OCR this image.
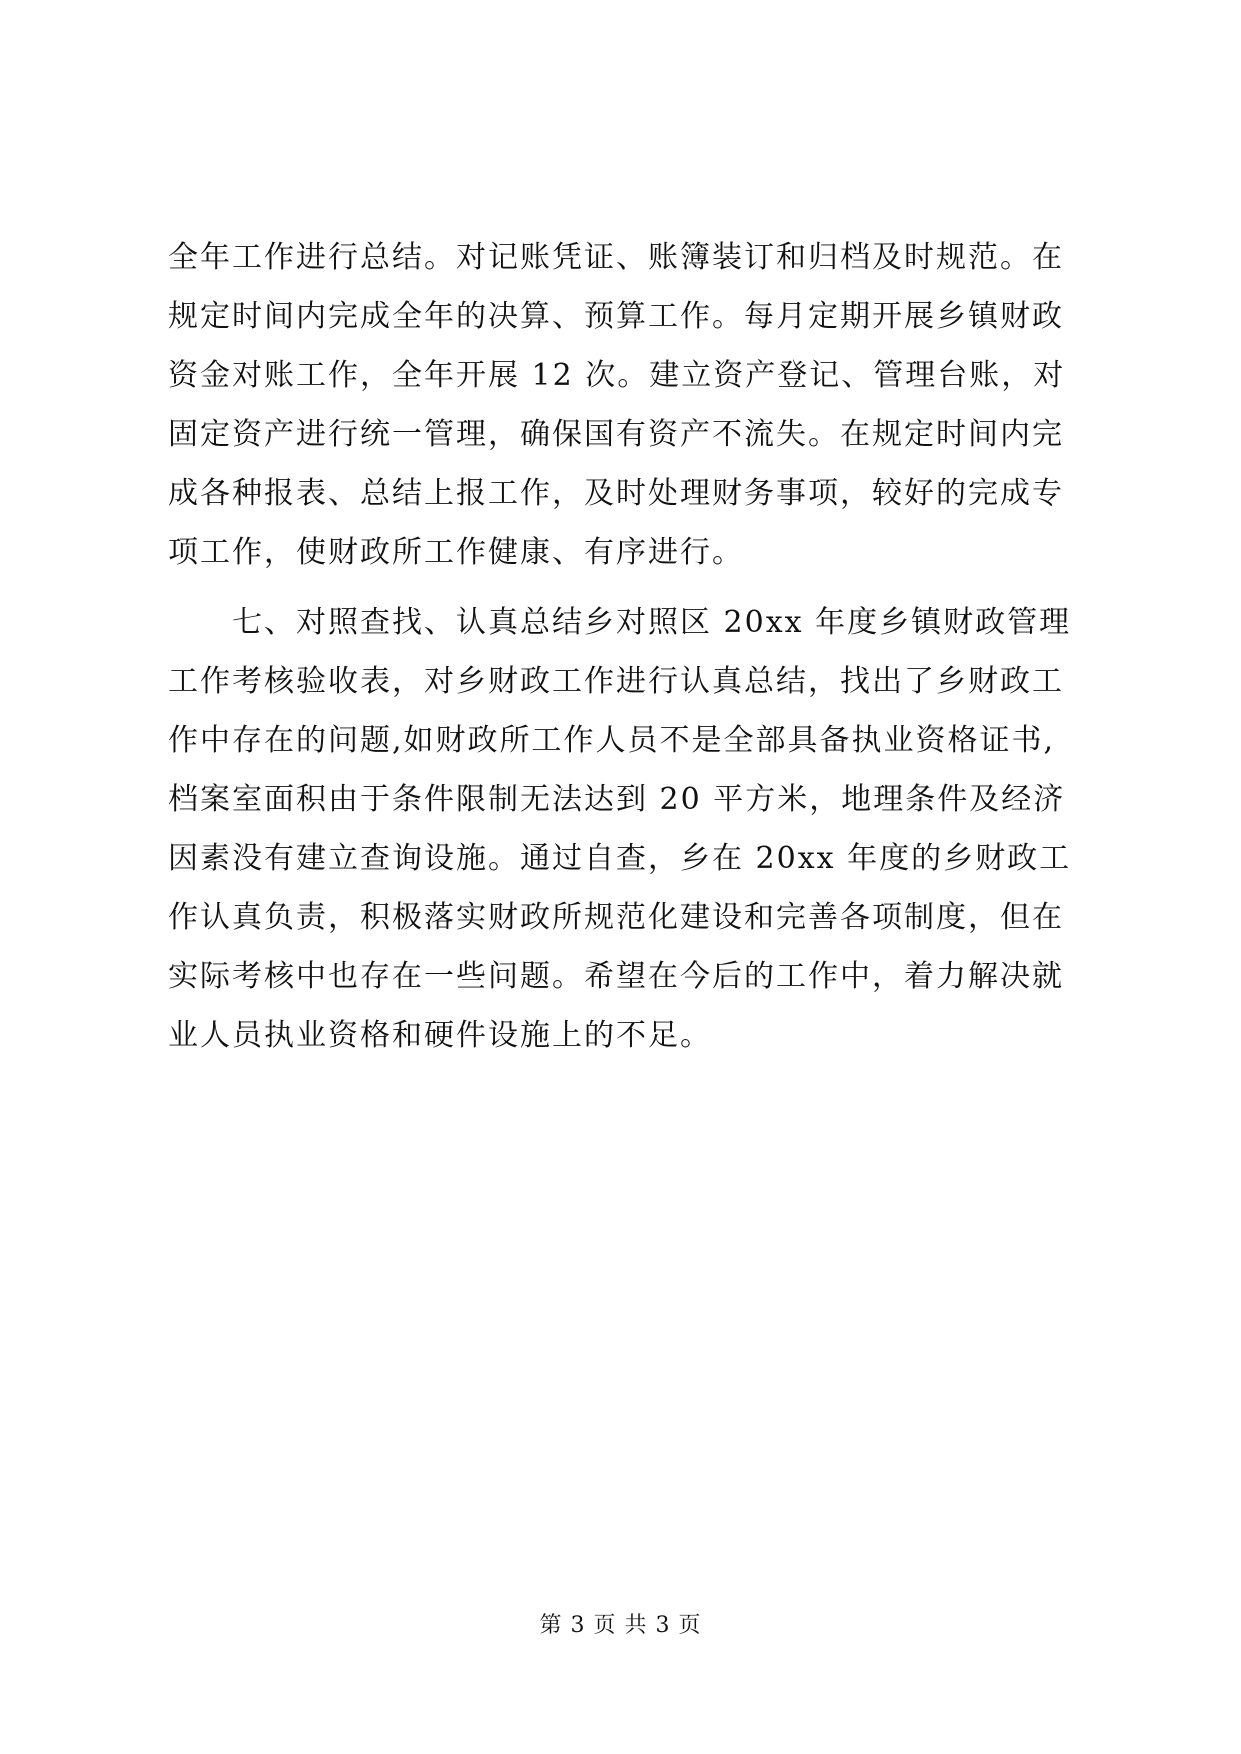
全年工作进行总结。对记账凭证、账簿装订和归档及时规范。在
规定时间内完成全年的决算、预算工作。每月定期开展乡镇财政
资金对账工作，全年开展 12 次。建立资产登记、管理台账，对
固定资产进行统一管理，确保国有资产不流失。在规定时间内完
成各种报表、总结上报工作，及时处理财务事项，较好的完成专
项工作，使财政所工作健康、有序进行。
七、对照查找、认真总结乡对照区 20xx 年度乡镇财政管理
工作考核验收表，对乡财政工作进行认真总结，找出了乡财政工
作中存在的问题,如财政所工作人员不是全部具备执业资格证书,
档案室面积由于条件限制无法达到 20 平方米，地理条件及经济
因素没有建立查询设施。通过自查，乡在 20xx 年度的乡财政工
作认真负责，积极落实财政所规范化建设和完善各项制度，但在
实际考核中也存在一些问题。希望在今后的工作中，着力解决就
业人员执业资格和硬件设施上的不足。
第 3 页 共 3 页
